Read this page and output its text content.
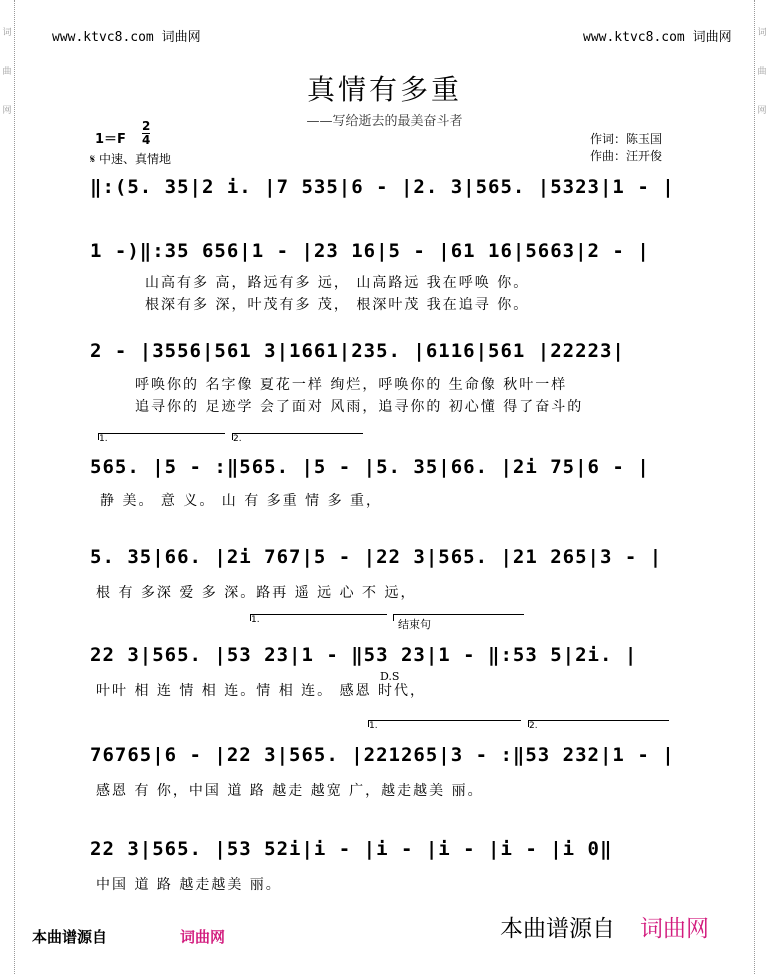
词
曲
网
词
曲
网
www.ktvc8.com 词曲网	www.ktvc8.com 词曲网
真情有多重
——写给逝去的最美奋斗者
作词：陈玉国
作曲：汪开俊
$1=F \frac{2}{4}$
𝄋 中速、真情地
‖:(5. 35|2 i. |7 535|6 - |2. 3|565. |5323|1 - |
1 -)‖:35 656|1 - |23 16|5 - |61 16|5663|2 - |
山高有多 高，路远有多 远， 山高路远 我在呼唤 你。
根深有多 深，叶茂有多 茂， 根深叶茂 我在追寻 你。
2 - |3556|561 3|1661|235. |6116|561 |22223|
呼唤你的 名字像 夏花一样 绚烂，呼唤你的 生命像 秋叶一样
追寻你的 足迹学 会了面对 风雨，追寻你的 初心懂 得了奋斗的
1.	2.
565. |5 - :‖565. |5 - |5. 35|66. |2i 75|6 - |
静 美。 意 义。 山 有 多重 情 多 重，
5. 35|66. |2i 767|5 - |22 3|565. |21 265|3 - |
根 有 多深 爱 多 深。路再 遥 远 心 不 远，
1.	结束句
22 3|565. |53 23|1 - ‖53 23|1 - ‖:53 5|2i. |
D.S
叶叶 相 连 情 相 连。情 相 连。 感恩 时代，
1.	2.
76765|6 - |22 3|565. |221265|3 - :‖53 232|1 - |
感恩 有 你，中国 道 路 越走 越宽 广，越走越美 丽。
22 3|565. |53 52i|i - |i - |i - |i - |i 0‖
中国 道 路 越走越美 丽。
本曲谱源自	词曲网	本曲谱源自 词曲网
